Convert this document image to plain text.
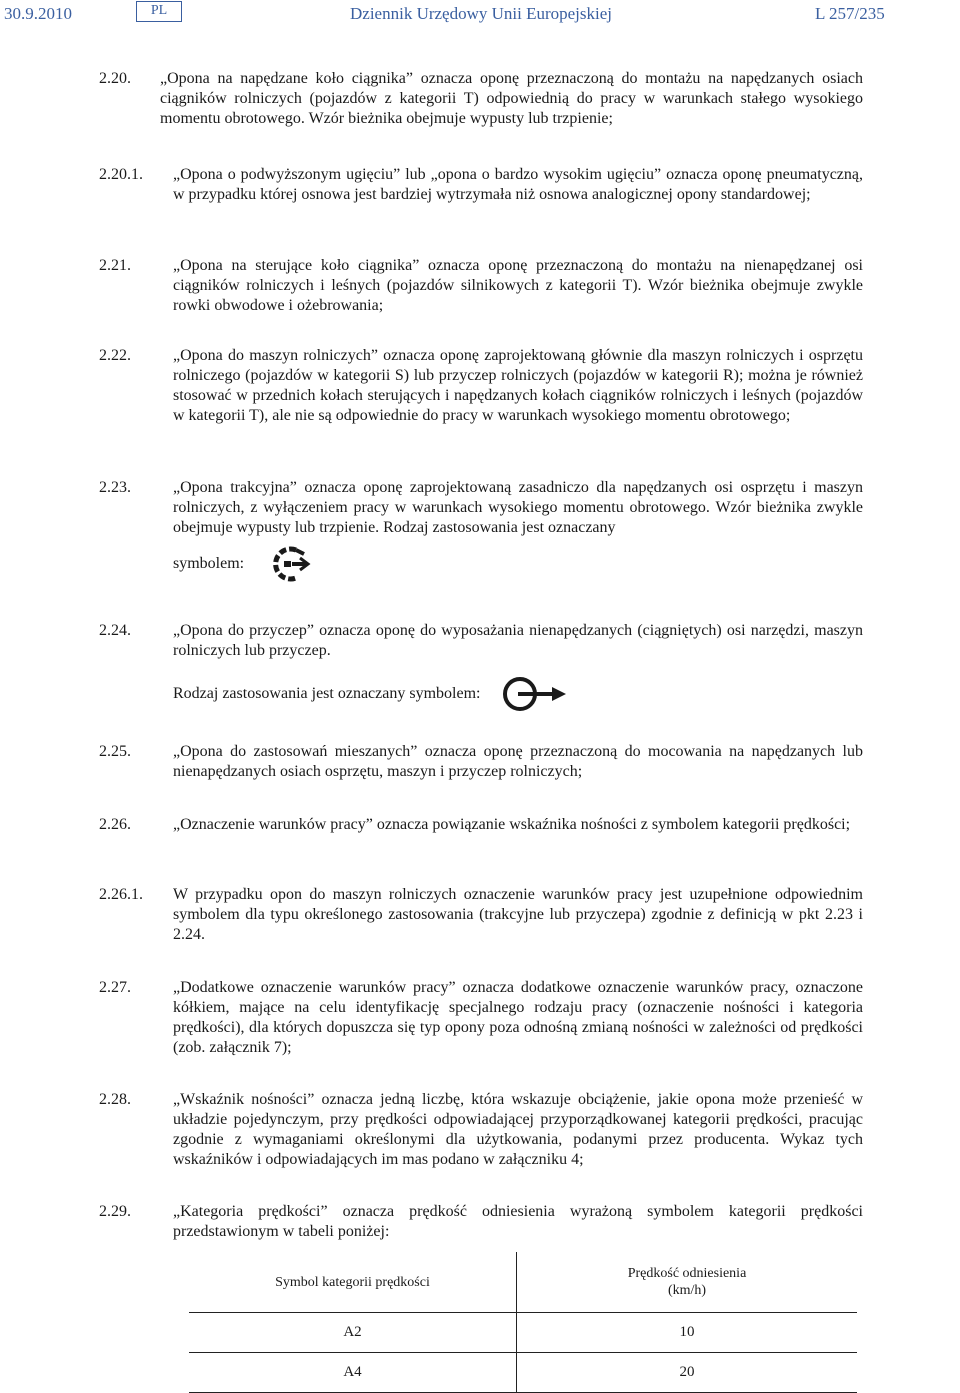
30.9.2010	PL	Dziennik Urzędowy Unii Europejskiej	L 257/235
2.20. „Opona na napędzane koło ciągnika” oznacza oponę przeznaczoną do montażu na napędzanych osiach ciągników rolniczych (pojazdów z kategorii T) odpowiednią do pracy w warunkach stałego wysokiego momentu obrotowego. Wzór bieżnika obejmuje wypusty lub trzpienie;
2.20.1. „Opona o podwyższonym ugięciu” lub „opona o bardzo wysokim ugięciu” oznacza oponę pneumatyczną, w przypadku której osnowa jest bardziej wytrzymała niż osnowa analogicznej opony standardowej;
2.21.	„Opona na sterujące koło ciągnika” oznacza oponę przeznaczoną do montażu na nienapędzanej osi ciągników rolniczych i leśnych (pojazdów silnikowych z kategorii T). Wzór bieżnika obejmuje zwykle rowki obwodowe i ożebrowania;
2.22.	„Opona do maszyn rolniczych” oznacza oponę zaprojektowaną głównie dla maszyn rolniczych i osprzętu rolniczego (pojazdów w kategorii S) lub przyczep rolniczych (pojazdów w kategorii R); można je również stosować w przednich kołach sterujących i napędzanych kołach ciągników rolniczych i leśnych (pojazdów w kategorii T), ale nie są odpowiednie do pracy w warunkach wysokiego momentu obrotowego;
2.23.	„Opona trakcyjna” oznacza oponę zaprojektowaną zasadniczo dla napędzanych osi osprzętu i maszyn rolniczych, z wyłączeniem pracy w warunkach wysokiego momentu obrotowego. Wzór bieżnika zwykle obejmuje wypusty lub trzpienie. Rodzaj zastosowania jest oznaczany
symbolem:
2.24.	„Opona do przyczep” oznacza oponę do wyposażania nienapędzanych (ciągniętych) osi narzędzi, maszyn rolniczych lub przyczep.
Rodzaj zastosowania jest oznaczany symbolem:
2.25.	„Opona do zastosowań mieszanych” oznacza oponę przeznaczoną do mocowania na napędzanych lub nienapędzanych osiach osprzętu, maszyn i przyczep rolniczych;
2.26.	„Oznaczenie warunków pracy” oznacza powiązanie wskaźnika nośności z symbolem kategorii prędkości;
2.26.1. W przypadku opon do maszyn rolniczych oznaczenie warunków pracy jest uzupełnione odpowiednim symbolem dla typu określonego zastosowania (trakcyjne lub przyczepa) zgodnie z definicją w pkt 2.23 i 2.24.
2.27.	„Dodatkowe oznaczenie warunków pracy” oznacza dodatkowe oznaczenie warunków pracy, oznaczone kółkiem, mające na celu identyfikację specjalnego rodzaju pracy (oznaczenie nośności i kategoria prędkości), dla których dopuszcza się typ opony poza odnośną zmianą nośności w zależności od prędkości (zob. załącznik 7);
2.28.	„Wskaźnik nośności” oznacza jedną liczbę, która wskazuje obciążenie, jakie opona może przenieść w układzie pojedynczym, przy prędkości odpowiadającej przyporządkowanej kategorii prędkości, pracując zgodnie z wymaganiami określonymi dla użytkowania, podanymi przez producenta. Wykaz tych wskaźników i odpowiadających im mas podano w załączniku 4;
2.29.	„Kategoria prędkości” oznacza prędkość odniesienia wyrażoną symbolem kategorii prędkości przedstawionym w tabeli poniżej:
Symbol kategorii prędkości	Prędkość odniesienia (km/h)
A2	10
A4	20
